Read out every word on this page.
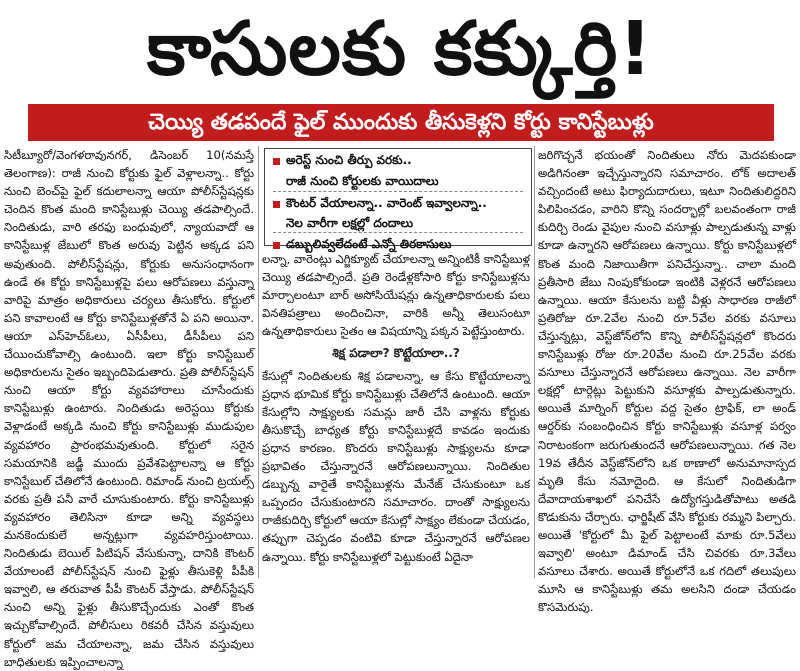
కాసులకు కక్కుర్తి!
చెయ్యి తడపందే ఫైల్ ముందుకు తీసుకెళ్లని కోర్టు కానిస్టేబుళ్లు

సిటీబ్యూరో/వెంగళరావునగర్, డిసెంబర్ 10(నమస్తే తెలంగాణ): రాజీ నుంచి కోర్టుకు ఫైల్ వెళ్లాలన్నా.. కోర్టు నుంచి బెంచ్‌పై ఫైల్ కదులాలన్నా ఆయా పోలీస్‌స్టేషన్లకు చెందిన కొంత మంది కానిస్టేబుళ్లు చెయ్యి తడపాల్సిందే. నిందితుడు, వారి తరఫు బంధువులో, న్యాయవాదో ఆ కానిస్టేబుళ్ల జేబులో కొంత అరువు పెట్టిన అక్కడ పని అవుతుంది. పోలీస్‌స్టేషన్లు, కోర్టుకు అనుసంధానంగా ఉండే ఈ కోర్టు కానిస్టేబుళ్లపై పలు ఆరోపణలు వస్తున్నా వారిపై మాత్రం అధికారులు చర్యలు తీసుకోరు. కోర్టులో పని కావాలంటే ఆ కోర్టు కానిస్టేబుళ్లతోనే ఏ పని అయినా. ఆయా ఎస్‌హెచ్‌ఓలు, ఏసీపీలు, డీసీపీలు పని చేయించుకోవాల్సి ఉంటుంది. ఇలా కోర్టు కానిస్టేబుల్ అధికారులను సైతం ఇబ్బందిపెడుతారు. ప్రతి పోలీస్‌స్టేషన్ నుంచి ఆయా కోర్టు వ్యవహారాలు చూసేందుకు కానిస్టేబుళ్లు ఉంటారు. నిందితుడు అరెస్టయి కోర్టుకు వెళ్లాడంటే అక్కడి నుంచి కోర్టు కానిస్టేబుళ్లు ముడుపుల వ్యవహారం ప్రారంభమవుతుంది. కోర్టులో సరైన సమయానికి జడ్జీ ముందు ప్రవేశపెట్టాలన్నా ఆ కోర్టు కానిస్టేబుల్ చేతిలోనే ఉంటుంది. రిమాండ్ నుంచి ట్రయల్స్ వరకు ప్రతీ పనీ వారే చూసుకుంటారు. కోర్టు కానిస్టేబుళ్లు వ్యవహారం తెలిసినా కూడా అన్ని వ్యవస్థలు మనకెందుకులే అన్నట్లుగా వ్యవహరిస్తుంటాయి. నిందితుడు బెయిల్ పిటిషన్ వేసుకున్నా, దానికి కౌంటర్ వేయాలంటే పోలీస్‌స్టేషన్ నుంచి ఫైళ్లు తీసుకెళ్లి పీపీకి ఇవ్వాలి, ఆ తరువాత పీపీ కౌంటర్ వేస్తాడు. పోలీస్‌స్టేషన్ నుంచి అన్ని ఫైళ్లు తీసుకొచ్చేందుకు ఎంతో కొంత ఇచ్చుకోవాల్సిందే. పోలీసులు రికవరీ చేసిన వస్తువులు కోర్టులో జమ చేయాలన్నా, జమ చేసిన వస్తువులు బాధితులకు ఇప్పించాలన్నా

అరెస్ట్ నుంచి తీర్పు వరకు..
రాజీ నుంచి కోర్టులకు వాయిదాలు
కౌంటర్ వేయాలన్నా.. వారెంట్ ఇవ్వాలన్నా..
నెల వారీగా లక్షల్లో దందాలు
డబ్బులివ్వలేదంటే ఎన్నో తిరకాసులు

లన్నా, వారెంట్లు ఎగ్జిక్యూట్ చేయాలన్నా అన్నింటికీ కానిస్టేబుళ్ల చెయ్యి తడపాల్సిందే. ప్రతి రెండేళ్లకోసారి కోర్టు కానిస్టేబుళ్లను మార్చాలంటూ బార్ అసోసియేషన్లు ఉన్నతాధికారులకు పలు వినతిపత్రాలు అందించినా, వారికి అన్నీ తెలుసంటూ ఉన్నతాధికారులు సైతం ఆ విషయాన్ని పక్కన పెట్టేస్తుంటారు.

శిక్ష పడాలా? కొట్టేయాలా..?

కేసుల్లో నిందితులకు శిక్ష పడాలన్నా, ఆ కేసు కొట్టేయాలన్నా ప్రధాన భూమిక కోర్టు కానిస్టేబుళ్లు చేతిలోనే ఉంటుంది. ఆయా కేసుల్లోని సాక్ష్యులకు సమన్లు జారీ చేసి వాళ్లను కోర్టుకు తీసుకొచ్చే బాధ్యత కోర్టు కానిస్టేబుళ్లదే కావడం ఇందుకు ప్రధాన కారణం. కొందరు కానిస్టేబుళ్లు సాక్ష్యులను కూడా ప్రభావితం చేస్తున్నారనే ఆరోపణలున్నాయి. నిందితుల డబ్బున్న వారైతే కానిస్టేబుళ్లను మేనేజ్ చేసుకుంటూ ఒక ఒప్పందం చేసుకుంటారని సమాచారం. దాంతో సాక్ష్యులను రాజీకుదిర్చి కోర్టులో ఆయా కేసుల్లో సాక్ష్యం లేకుండా చేయడం, తప్పుగా చెప్పడం వంటివి కూడా చేస్తున్నారనే ఆరోపణల ఉన్నాయి. కోర్టు కానిస్టేబుళ్లలో పెట్టుకుంటే ఏదైనా

జరిగొచ్చనే భయంతో నిందితులు నోరు మెదపకుండా అడిగినంతా ఇచ్చేస్తున్నారని సమాచారం. లోక్ అదాలత్ వచ్చిందంటే అటు ఫిర్యాదుదారులు, ఇటూ నిందితులిద్దరిని పిలిపించడం, వారిని కొన్ని సందర్భాల్లో బలవంతంగా రాజీ కుదిర్చి రెండు వైపుల నుంచి వసూళ్లు పాల్పడుతున్న వాళ్లు కూడా ఉన్నారని ఆరోపణలు ఉన్నాయి. కోర్టు కానిస్టేబుళ్లలో కొంత మంది నిజాయితీగా పనిచేస్తున్నా.. చాలా మంది ప్రతీసారి జేబు నింపుకోకుండా ఇంటికి వెళ్లరనే ఆరోపణలు ఉన్నాయి. ఆయా కేసులను బట్టి వీళ్లు సాధారణ రాజీలో ప్రతిరోజు రూ.2వేల నుంచి రూ.5వేల వరకు వసూలు చేస్తున్నట్లు, వెస్ట్‌జోన్‌లోని కొన్ని పోలీస్‌స్టేషన్లలో కొందరు కానిస్టేబుళ్లు రోజు రూ.20వేల నుంచి రూ.25వేల వరకు వసూలు చేస్తున్నారనే ఆరోపణలు ఉన్నాయి. నెల వారీగా లక్షల్లో టార్గెట్లు పెట్టుకుని వసూళ్లకు పాల్పడుతున్నారు. అయితే మార్నింగ్ కోర్టుల వద్ద సైతం ట్రాఫిక్, లా అండ్ ఆర్డర్‌కు సంబంధించిన కోర్టు కానిస్టేబుళ్లు వసూళ్ల పర్వం నిరాటంకంగా జరుగుతుందనే ఆరోపణలున్నాయి. గత నెల 19వ తేదీన వెస్ట్‌జోన్‌లోని ఒక ఠాణాలో అనుమానాస్పద మృతి కేసు నమోదైంది. ఆ కేసులో నిందితుడిగా దేవాదాయశాఖలో పనిచేసే ఉద్యోగస్తుడితోపాటు అతడి కొడుకును చేర్చారు. ఛార్జిషీట్ వేసి కోర్టుకు రమ్మని పిల్చారు. అయితే 'కోర్టులో మీ ఫైల్ పెట్టాలంటే మాకు రూ.5వేలు ఇవ్వాలి' అంటూ డిమాండ్ చేసి చివరకు రూ.3వేలు వసూలు చేశారు. అయితే కోర్టులోనే ఒక గదిలో తలుపులు మూసి ఆ కానిస్టేబుళ్లు తమ అలసిని దండా చేయడం కొసమెరుపు.
